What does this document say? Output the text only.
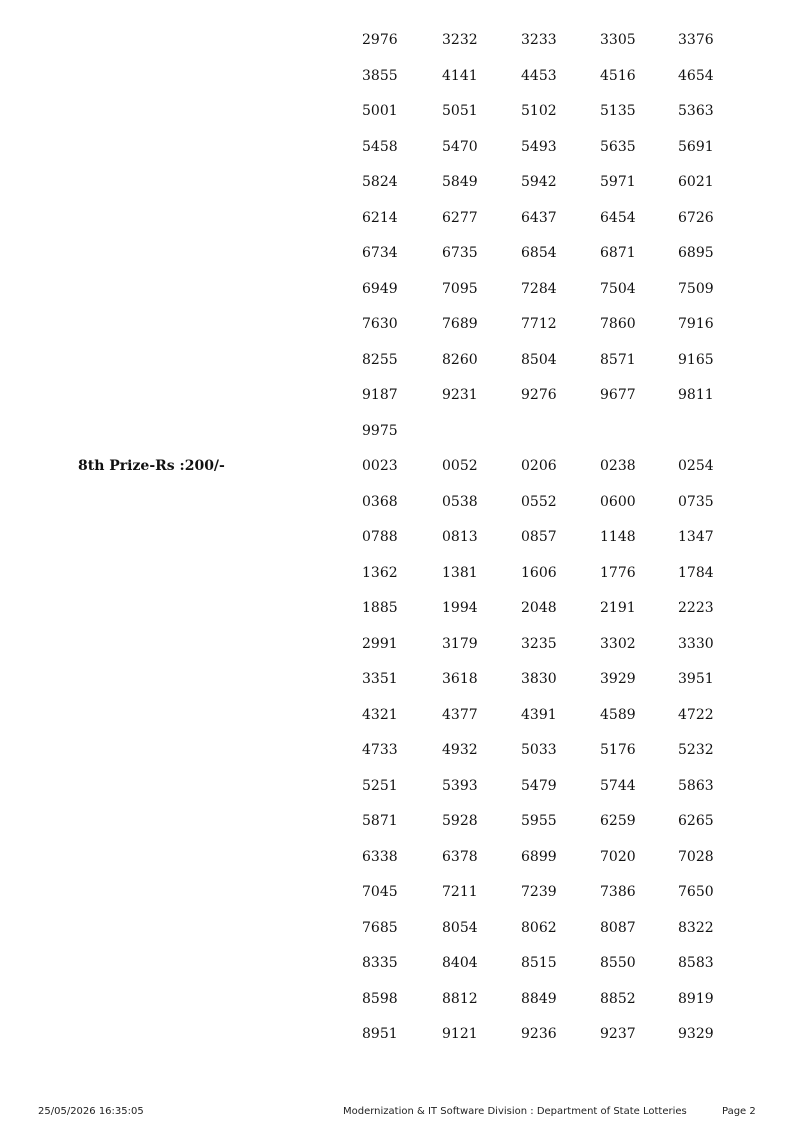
2976	3232	3233	3305	3376
3855	4141	4453	4516	4654
5001	5051	5102	5135	5363
5458	5470	5493	5635	5691
5824	5849	5942	5971	6021
6214	6277	6437	6454	6726
6734	6735	6854	6871	6895
6949	7095	7284	7504	7509
7630	7689	7712	7860	7916
8255	8260	8504	8571	9165
9187	9231	9276	9677	9811
9975
8th Prize-Rs :200/-	0023	0052	0206	0238	0254
0368	0538	0552	0600	0735
0788	0813	0857	1148	1347
1362	1381	1606	1776	1784
1885	1994	2048	2191	2223
2991	3179	3235	3302	3330
3351	3618	3830	3929	3951
4321	4377	4391	4589	4722
4733	4932	5033	5176	5232
5251	5393	5479	5744	5863
5871	5928	5955	6259	6265
6338	6378	6899	7020	7028
7045	7211	7239	7386	7650
7685	8054	8062	8087	8322
8335	8404	8515	8550	8583
8598	8812	8849	8852	8919
8951	9121	9236	9237	9329
25/05/2026 16:35:05	Modernization & IT Software Division : Department of State Lotteries	Page 2
